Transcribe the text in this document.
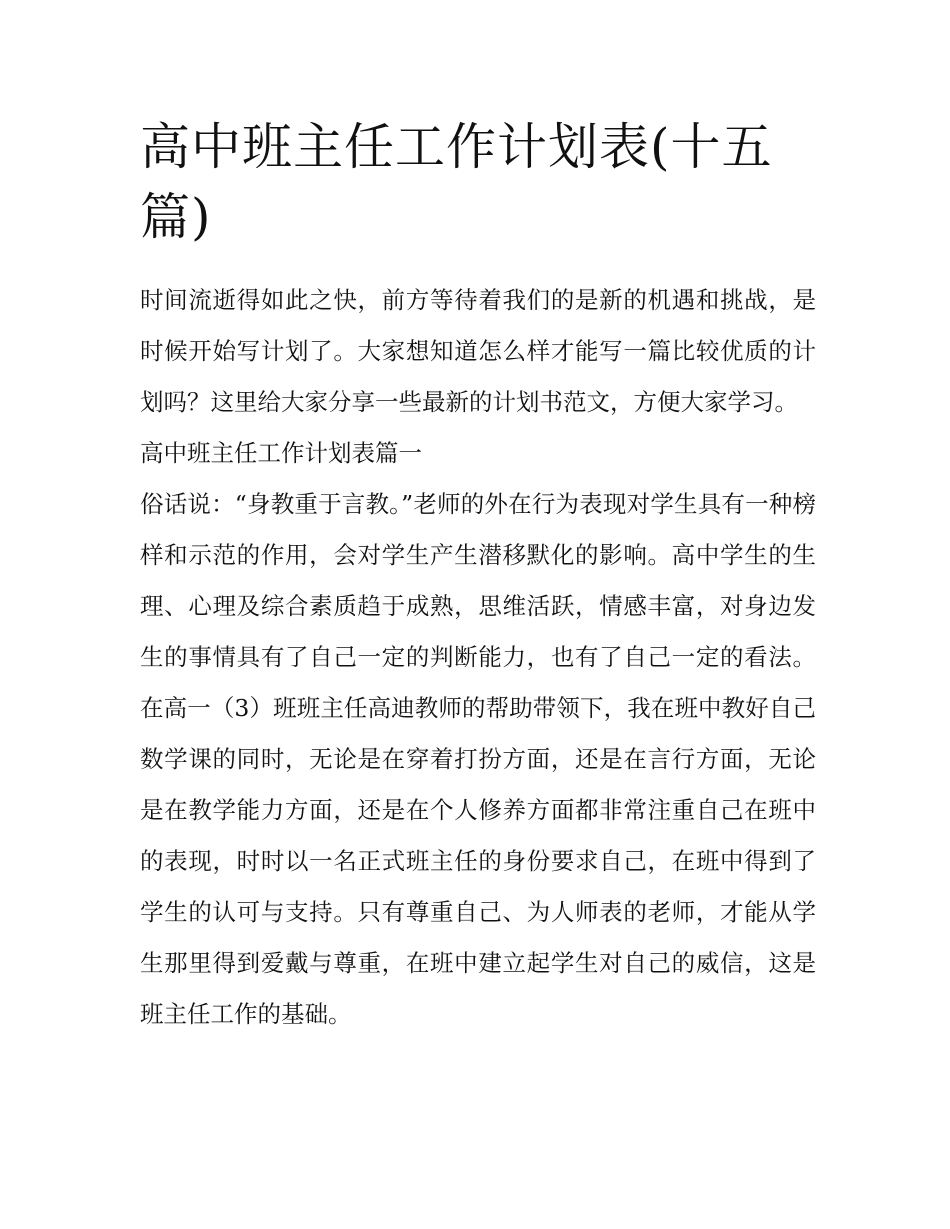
高中班主任工作计划表(十五篇)

时间流逝得如此之快，前方等待着我们的是新的机遇和挑战，是时候开始写计划了。大家想知道怎么样才能写一篇比较优质的计划吗？这里给大家分享一些最新的计划书范文，方便大家学习。

高中班主任工作计划表篇一

俗话说：“身教重于言教。”老师的外在行为表现对学生具有一种榜样和示范的作用，会对学生产生潜移默化的影响。高中学生的生理、心理及综合素质趋于成熟，思维活跃，情感丰富，对身边发生的事情具有了自己一定的判断能力，也有了自己一定的看法。在高一（3）班班主任高迪教师的帮助带领下，我在班中教好自己数学课的同时，无论是在穿着打扮方面，还是在言行方面，无论是在教学能力方面，还是在个人修养方面都非常注重自己在班中的表现，时时以一名正式班主任的身份要求自己，在班中得到了学生的认可与支持。只有尊重自己、为人师表的老师，才能从学生那里得到爱戴与尊重，在班中建立起学生对自己的威信，这是班主任工作的基础。
